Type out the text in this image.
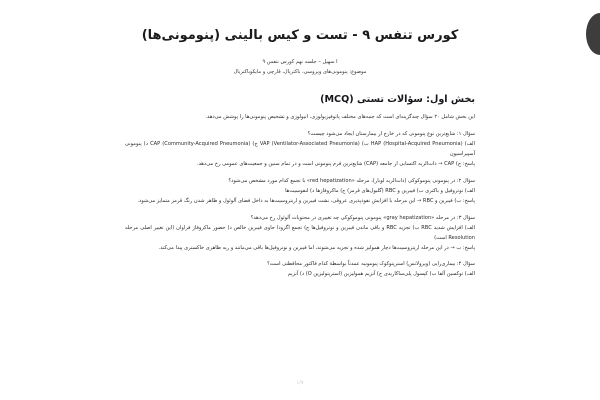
کورس تنفس ۹ - تست و کیس بالینی (پنومونی‌ها)
ا سهیل – جلسه نهم کورس تنفس ۹
موضوع: پنومونی‌های ویروسی، باکتریال، قارچی و مایکوباکتریال
بخش اول: سؤالات تستی (MCQ)

این بخش شامل ۲۰ سؤال چندگزینه‌ای است که جنبه‌های مختلف پاتوفیزیولوژی، اتیولوژی و تشخیص پنومونی‌ها را پوشش می‌دهد.

سؤال ۱: شایع‌ترین نوع پنومونی که در خارج از بیمارستان ایجاد می‌شود چیست؟

الف) HAP (Hospital-Acquired Pneumonia) ب) VAP (Ventilator-Associated Pneumonia) ج) CAP (Community-Acquired Pneumonia) د) پنومونی آسپیراسیون

پاسخ: ج) CAP → ذات‌الریه اکتسابی از جامعه (CAP) شایع‌ترین فرم پنومونی است و در تمام سنین و جمعیت‌های عمومی رخ می‌دهد.

سؤال ۲: در پنومونی پنوموکوکی (ذات‌الریه لوبار)، مرحله «red hepatization» با تجمع کدام مورد مشخص می‌شود؟

الف) نوتروفیل و باکتری ب) فیبرین و RBC (گلبول‌های قرمز) ج) ماکروفاژها د) لنفوسیت‌ها

پاسخ: ب) فیبرین و RBC → این مرحله با افزایش نفوذپذیری عروقی، نشت فیبرین و اریتروسیت‌ها به داخل فضای آلوئول و ظاهر شدن رنگ قرمز متمایز می‌شود.

سؤال ۳: در مرحله «gray hepatization» پنومونی پنوموکوکی چه تغییری در محتویات آلوئول رخ می‌دهد؟

الف) افزایش شدید RBC ب) تجزیه RBC و باقی ماندن فیبرین و نوتروفیل‌ها ج) تجمع اگزودا حاوی فیبرین خالص د) حضور ماکروفاژ فراوان (این تغییر اصلی مرحله Resolution است)

پاسخ: ب → در این مرحله اریتروسیت‌ها دچار همولیز شده و تجزیه می‌شوند، اما فیبرین و نوتروفیل‌ها باقی می‌مانند و ریه ظاهری خاکستری پیدا می‌کند.

سؤال ۴: بیماری‌زایی (ویرولانس) استرپتوکوک پنومونیه عمدتاً بواسطهٔ کدام فاکتور محافظتی است؟

الف) توکسین آلفا ب) کپسول پلی‌ساکاریدی ج) آنزیم همولیزین (استرپتولیزین O) د) آنزیم

۱/۷
